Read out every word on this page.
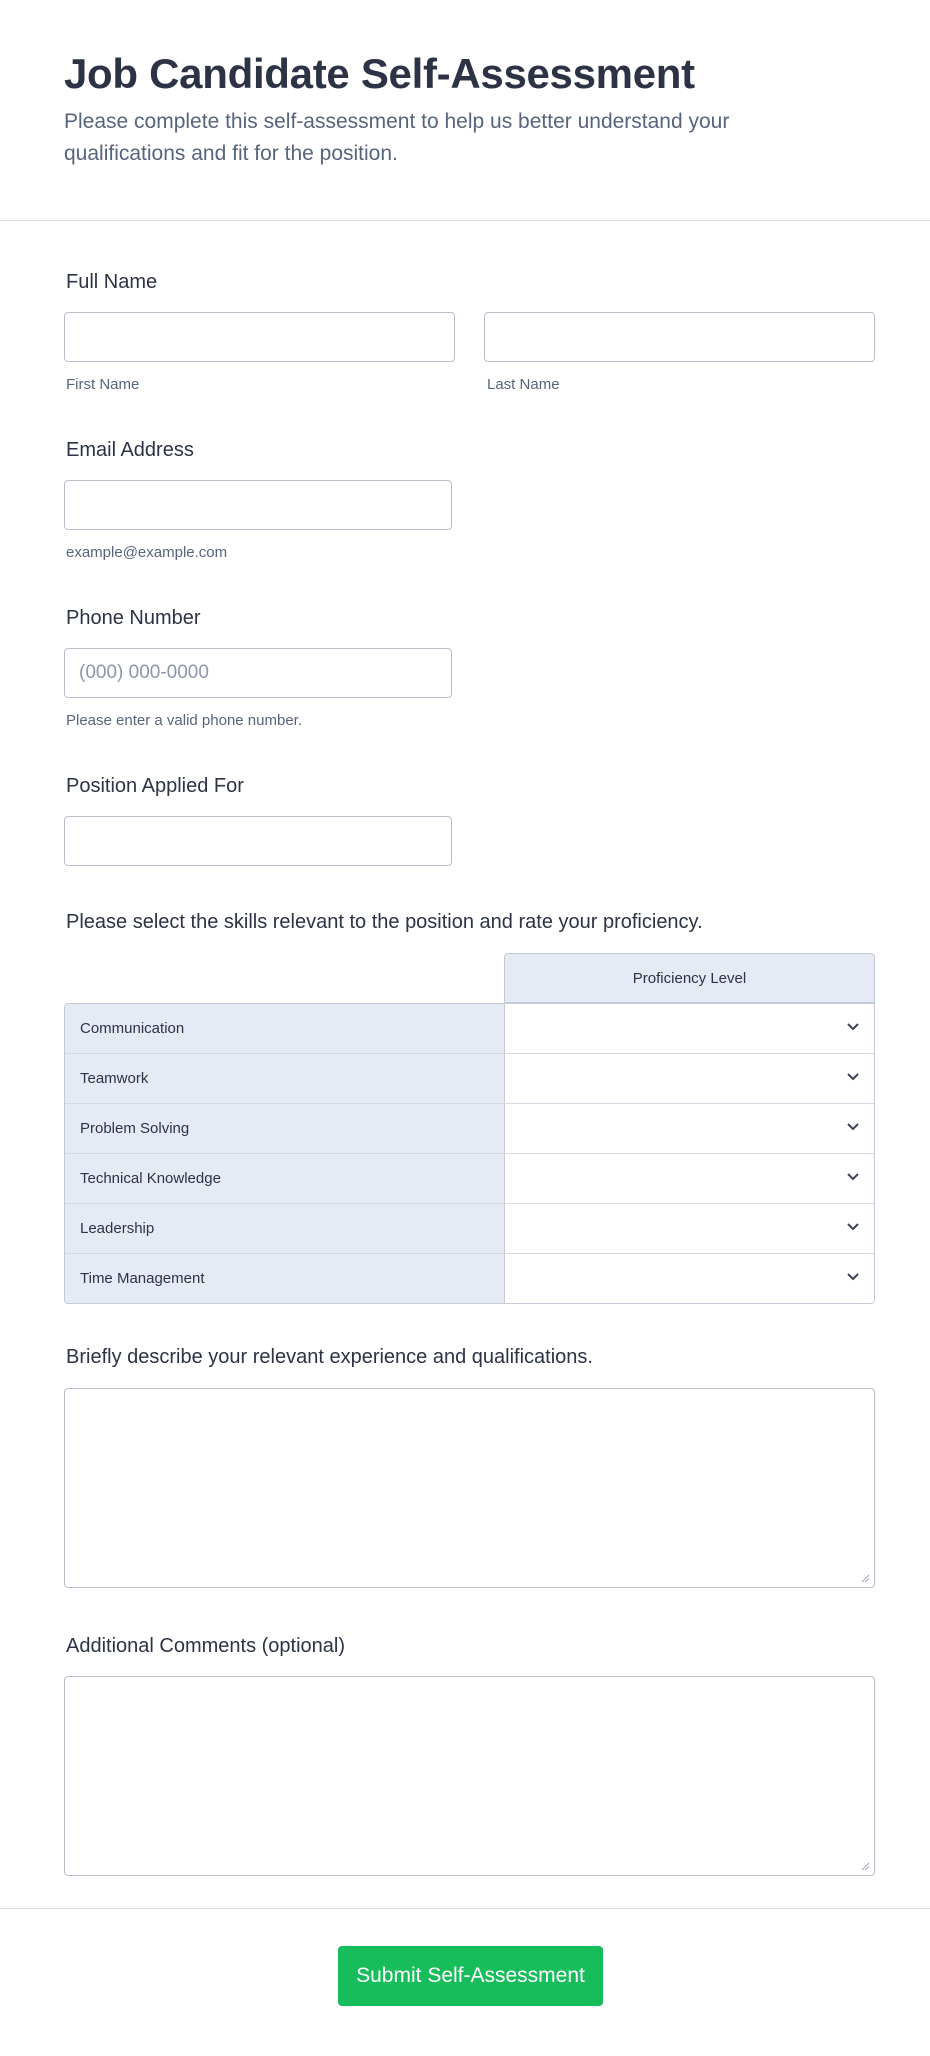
Job Candidate Self-Assessment

Please complete this self-assessment to help us better understand your qualifications and fit for the position.

Full Name
First Name	Last Name
Email Address
example@example.com
Phone Number
(000) 000-0000
Please enter a valid phone number.
Position Applied For
Please select the skills relevant to the position and rate your proficiency.
Proficiency Level
Communication
Teamwork
Problem Solving
Technical Knowledge
Leadership
Time Management
Briefly describe your relevant experience and qualifications.
Additional Comments (optional)
Submit Self-Assessment
